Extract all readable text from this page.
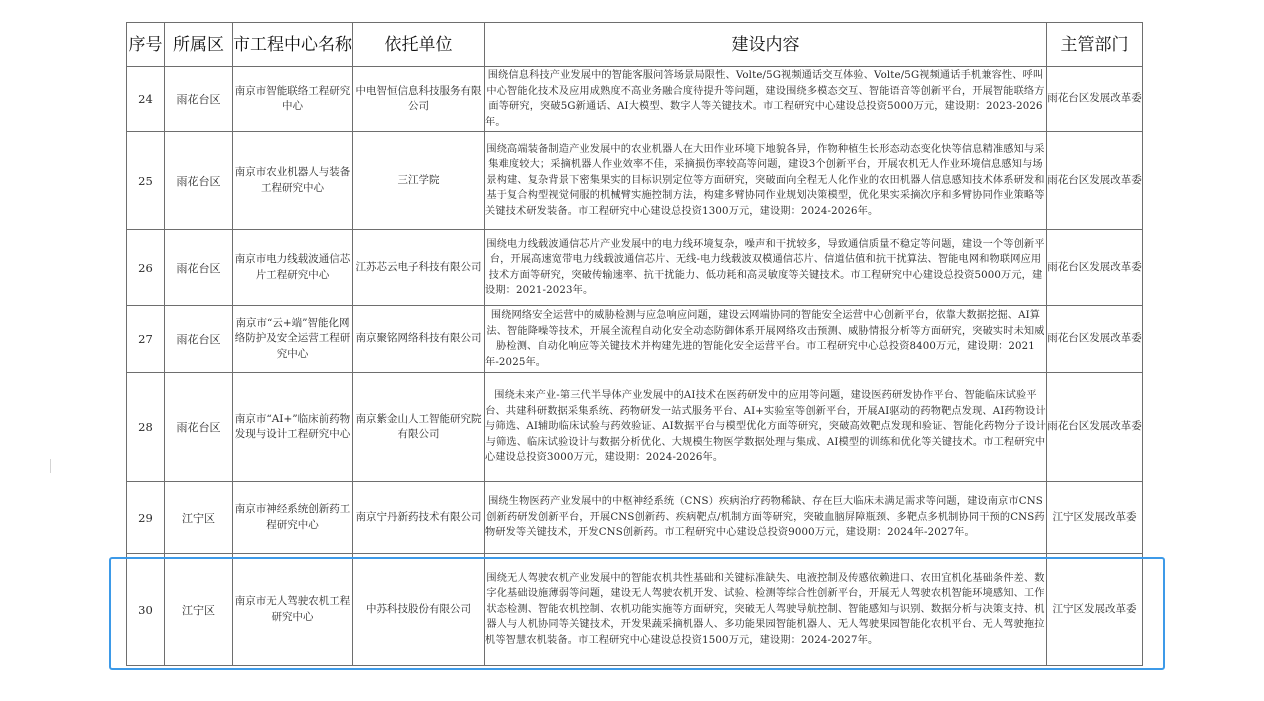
序号	所属区	市工程中心名称	依托单位	建设内容	主管部门
24	雨花台区	南京市智能联络工程研究中心	中电智恒信息科技服务有限公司	围绕信息科技产业发展中的智能客服问答场景局限性、Volte/5G视频通话交互体验、Volte/5G视频通话手机兼容性、呼叫中心智能化技术及应用成熟度不高业务融合度待提升等问题，建设围绕多模态交互、智能语音等创新平台，开展智能联络方面等研究，突破5G新通话、AI大模型、数字人等关键技术。市工程研究中心建设总投资5000万元，建设期：2023-2026年。	雨花台区发展改革委
25	雨花台区	南京市农业机器人与装备工程研究中心	三江学院	围绕高端装备制造产业发展中的农业机器人在大田作业环境下地貌各异，作物种植生长形态动态变化快等信息精准感知与采集难度较大；采摘机器人作业效率不佳，采摘损伤率较高等问题，建设3个创新平台，开展农机无人作业环境信息感知与场景构建、复杂背景下密集果实的目标识别定位等方面研究，突破面向全程无人化作业的农田机器人信息感知技术体系研发和基于复合构型视觉伺服的机械臂实施控制方法，构建多臂协同作业规划决策模型，优化果实采摘次序和多臂协同作业策略等关键技术研发装备。市工程研究中心建设总投资1300万元，建设期：2024-2026年。	雨花台区发展改革委
26	雨花台区	南京市电力线载波通信芯片工程研究中心	江苏芯云电子科技有限公司	围绕电力线载波通信芯片产业发展中的电力线环境复杂，噪声和干扰较多，导致通信质量不稳定等问题，建设一个等创新平台，开展高速宽带电力线载波通信芯片、无线-电力线载波双模通信芯片、信道估值和抗干扰算法、智能电网和物联网应用技术方面等研究，突破传输速率、抗干扰能力、低功耗和高灵敏度等关键技术。市工程研究中心建设总投资5000万元，建设期：2021-2023年。	雨花台区发展改革委
27	雨花台区	南京市“云+端”智能化网络防护及安全运营工程研究中心	南京聚铭网络科技有限公司	围绕网络安全运营中的威胁检测与应急响应问题，建设云网端协同的智能安全运营中心创新平台，依靠大数据挖掘、AI算法、智能降噪等技术，开展全流程自动化安全动态防御体系开展网络攻击预测、威胁情报分析等方面研究，突破实时未知威胁检测、自动化响应等关键技术并构建先进的智能化安全运营平台。市工程研究中心总投资8400万元，建设期：2021年-2025年。	雨花台区发展改革委
28	雨花台区	南京市“AI+”临床前药物发现与设计工程研究中心	南京紫金山人工智能研究院有限公司	围绕未来产业-第三代半导体产业发展中的AI技术在医药研发中的应用等问题，建设医药研发协作平台、智能临床试验平台、共建科研数据采集系统、药物研发一站式服务平台、AI+实验室等创新平台，开展AI驱动的药物靶点发现、AI药物设计与筛选、AI辅助临床试验与药效验证、AI数据平台与模型优化方面等研究，突破高效靶点发现和验证、智能化药物分子设计与筛选、临床试验设计与数据分析优化、大规模生物医学数据处理与集成、AI模型的训练和优化等关键技术。市工程研究中心建设总投资3000万元，建设期：2024-2026年。	雨花台区发展改革委
29	江宁区	南京市神经系统创新药工程研究中心	南京宁丹新药技术有限公司	围绕生物医药产业发展中的中枢神经系统（CNS）疾病治疗药物稀缺、存在巨大临床未满足需求等问题，建设南京市CNS创新药研发创新平台，开展CNS创新药、疾病靶点/机制方面等研究，突破血脑屏障瓶颈、多靶点多机制协同干预的CNS药物研发等关键技术，开发CNS创新药。市工程研究中心建设总投资9000万元，建设期：2024年-2027年。	江宁区发展改革委
30	江宁区	南京市无人驾驶农机工程研究中心	中苏科技股份有限公司	围绕无人驾驶农机产业发展中的智能农机共性基础和关键标准缺失、电液控制及传感依赖进口、农田宜机化基础条件差、数字化基础设施薄弱等问题，建设无人驾驶农机开发、试验、检测等综合性创新平台，开展无人驾驶农机智能环境感知、工作状态检测、智能农机控制、农机功能实施等方面研究，突破无人驾驶导航控制、智能感知与识别、数据分析与决策支持、机器人与人机协同等关键技术，开发果蔬采摘机器人、多功能果园智能机器人、无人驾驶果园智能化农机平台、无人驾驶拖拉机等智慧农机装备。市工程研究中心建设总投资1500万元，建设期：2024-2027年。	江宁区发展改革委
